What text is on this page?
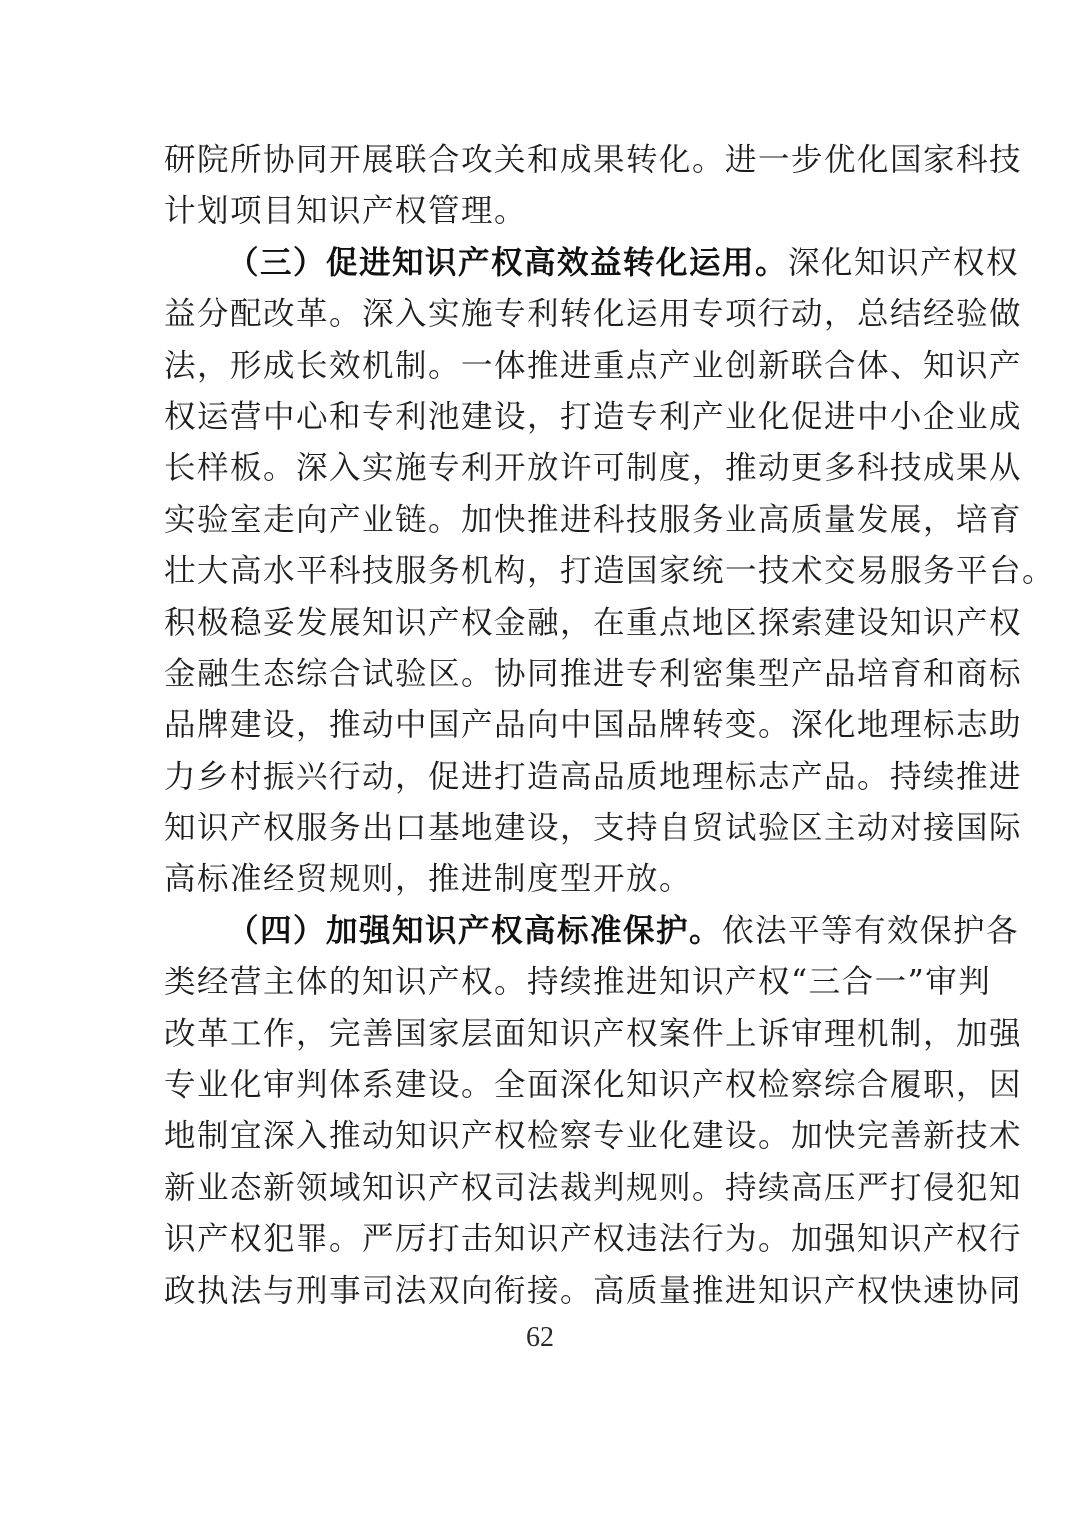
研院所协同开展联合攻关和成果转化。进一步优化国家科技
计划项目知识产权管理。
（三）促进知识产权高效益转化运用。深化知识产权权
益分配改革。深入实施专利转化运用专项行动，总结经验做
法，形成长效机制。一体推进重点产业创新联合体、知识产
权运营中心和专利池建设，打造专利产业化促进中小企业成
长样板。深入实施专利开放许可制度，推动更多科技成果从
实验室走向产业链。加快推进科技服务业高质量发展，培育
壮大高水平科技服务机构，打造国家统一技术交易服务平台。
积极稳妥发展知识产权金融，在重点地区探索建设知识产权
金融生态综合试验区。协同推进专利密集型产品培育和商标
品牌建设，推动中国产品向中国品牌转变。深化地理标志助
力乡村振兴行动，促进打造高品质地理标志产品。持续推进
知识产权服务出口基地建设，支持自贸试验区主动对接国际
高标准经贸规则，推进制度型开放。
（四）加强知识产权高标准保护。依法平等有效保护各
类经营主体的知识产权。持续推进知识产权“三合一”审判
改革工作，完善国家层面知识产权案件上诉审理机制，加强
专业化审判体系建设。全面深化知识产权检察综合履职，因
地制宜深入推动知识产权检察专业化建设。加快完善新技术
新业态新领域知识产权司法裁判规则。持续高压严打侵犯知
识产权犯罪。严厉打击知识产权违法行为。加强知识产权行
政执法与刑事司法双向衔接。高质量推进知识产权快速协同
62
